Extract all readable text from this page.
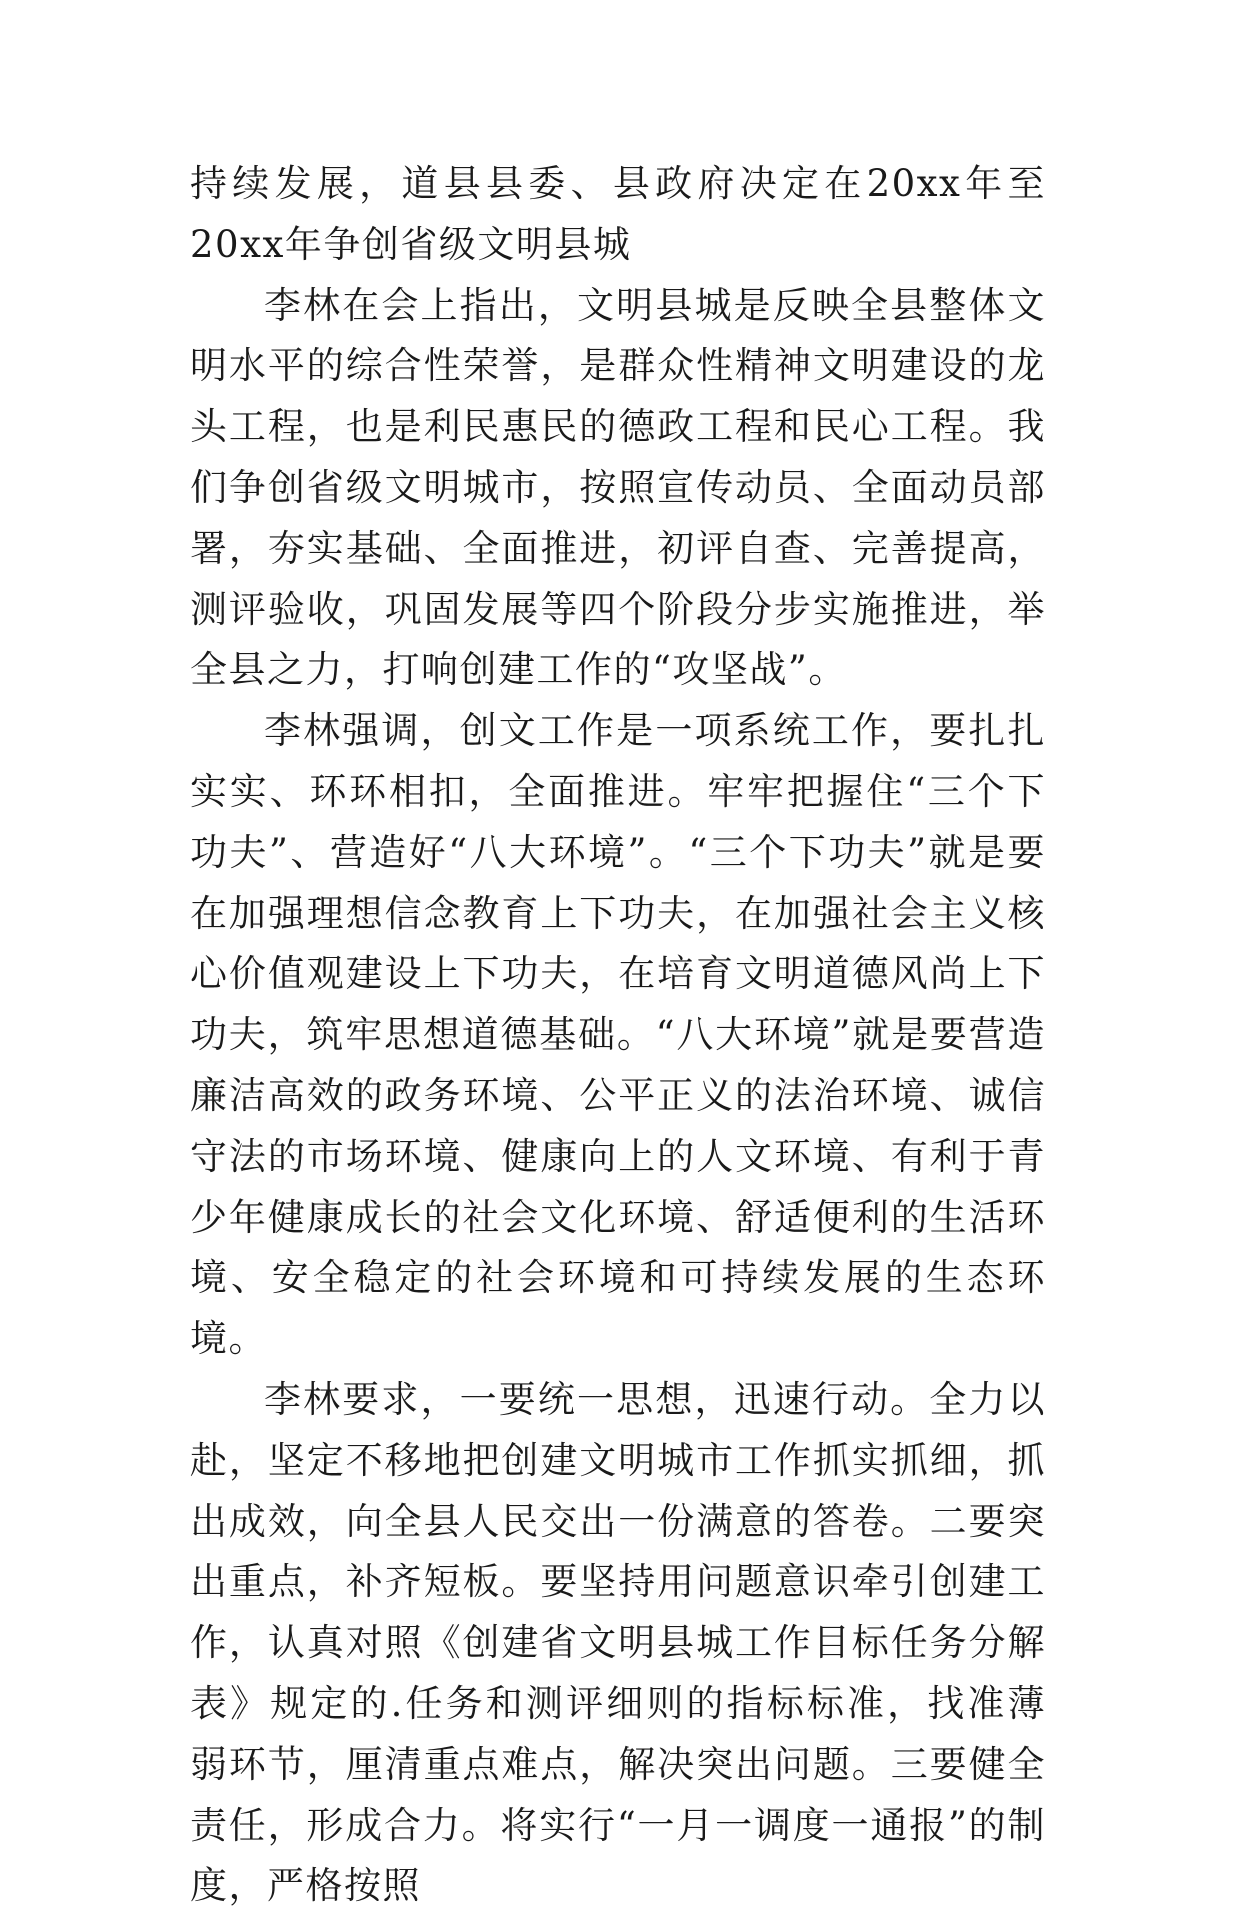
持续发展，道县县委、县政府决定在20xx年至20xx年争创省级文明县城

李林在会上指出，文明县城是反映全县整体文明水平的综合性荣誉，是群众性精神文明建设的龙头工程，也是利民惠民的德政工程和民心工程。我们争创省级文明城市，按照宣传动员、全面动员部署，夯实基础、全面推进，初评自查、完善提高，测评验收，巩固发展等四个阶段分步实施推进，举全县之力，打响创建工作的“攻坚战”。

李林强调，创文工作是一项系统工作，要扎扎实实、环环相扣，全面推进。牢牢把握住“三个下功夫”、营造好“八大环境”。“三个下功夫”就是要在加强理想信念教育上下功夫，在加强社会主义核心价值观建设上下功夫，在培育文明道德风尚上下功夫，筑牢思想道德基础。“八大环境”就是要营造廉洁高效的政务环境、公平正义的法治环境、诚信守法的市场环境、健康向上的人文环境、有利于青少年健康成长的社会文化环境、舒适便利的生活环境、安全稳定的社会环境和可持续发展的生态环境。

李林要求，一要统一思想，迅速行动。全力以赴，坚定不移地把创建文明城市工作抓实抓细，抓出成效，向全县人民交出一份满意的答卷。二要突出重点，补齐短板。要坚持用问题意识牵引创建工作，认真对照《创建省文明县城工作目标任务分解表》规定的.任务和测评细则的指标标准，找准薄弱环节，厘清重点难点，解决突出问题。三要健全责任，形成合力。将实行“一月一调度一通报”的制度，严格按照
